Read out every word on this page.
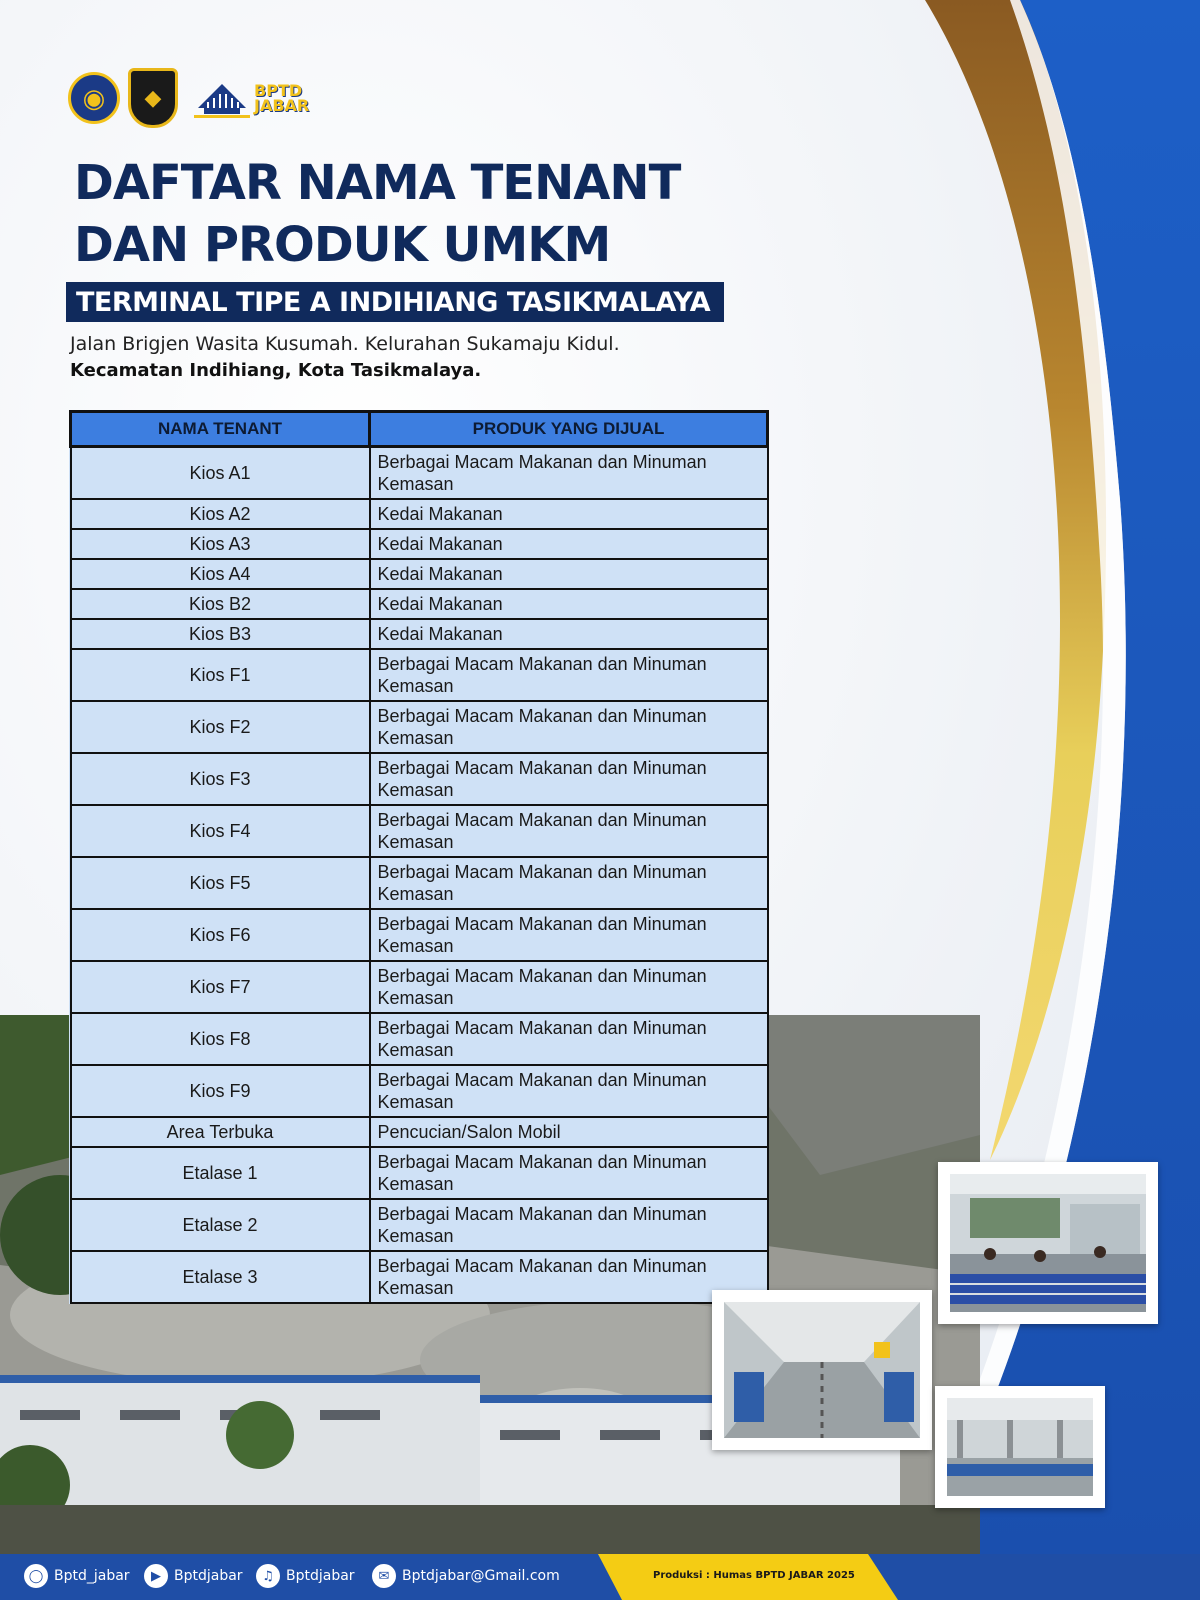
◉	◆	BPTD
JABAR
DAFTAR NAMA TENANT DAN PRODUK UMKM
TERMINAL TIPE A INDIHIANG TASIKMALAYA
Jalan Brigjen Wasita Kusumah. Kelurahan Sukamaju Kidul.
Kecamatan Indihiang, Kota Tasikmalaya.
NAMA TENANT	PRODUK YANG DIJUAL
Kios A1	Berbagai Macam Makanan dan Minuman Kemasan
Kios A2	Kedai Makanan
Kios A3	Kedai Makanan
Kios A4	Kedai Makanan
Kios B2	Kedai Makanan
Kios B3	Kedai Makanan
Kios F1	Berbagai Macam Makanan dan Minuman Kemasan
Kios F2	Berbagai Macam Makanan dan Minuman Kemasan
Kios F3	Berbagai Macam Makanan dan Minuman Kemasan
Kios F4	Berbagai Macam Makanan dan Minuman Kemasan
Kios F5	Berbagai Macam Makanan dan Minuman Kemasan
Kios F6	Berbagai Macam Makanan dan Minuman Kemasan
Kios F7	Berbagai Macam Makanan dan Minuman Kemasan
Kios F8	Berbagai Macam Makanan dan Minuman Kemasan
Kios F9	Berbagai Macam Makanan dan Minuman Kemasan
Area Terbuka	Pencucian/Salon Mobil
Etalase 1	Berbagai Macam Makanan dan Minuman Kemasan
Etalase 2	Berbagai Macam Makanan dan Minuman Kemasan
Etalase 3	Berbagai Macam Makanan dan Minuman Kemasan
◯ Bptd_jabar	▶ Bptdjabar	♫ Bptdjabar	✉ Bptdjabar@Gmail.com	Produksi : Humas BPTD JABAR 2025
